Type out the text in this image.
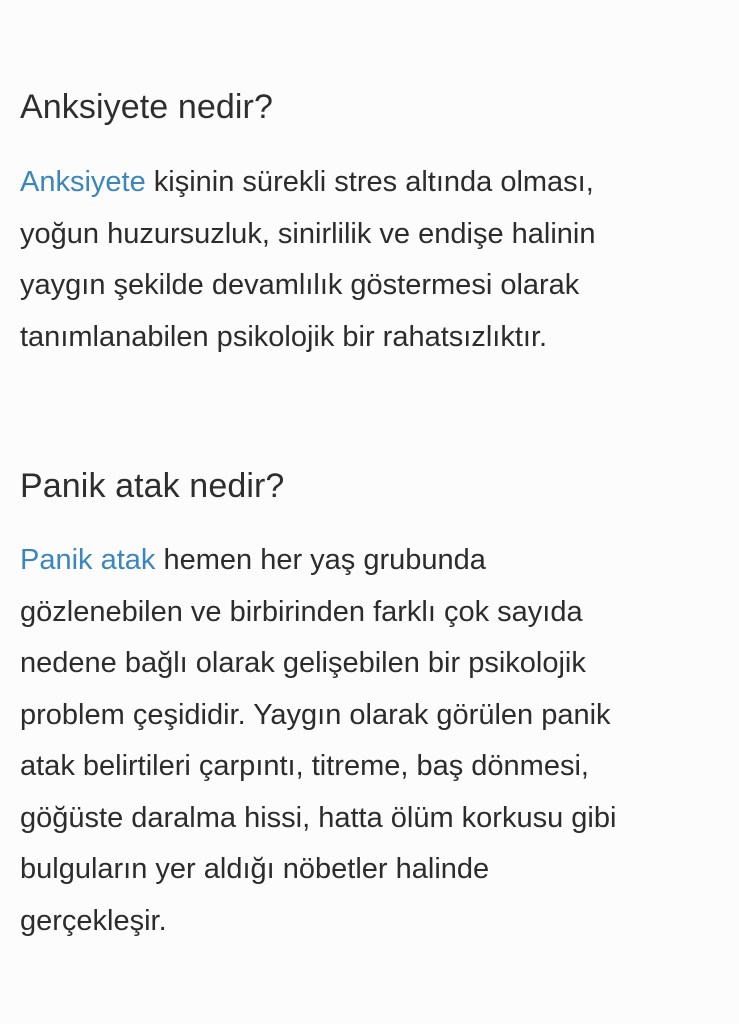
Anksiyete nedir?

Anksiyete kişinin sürekli stres altında olması,
yoğun huzursuzluk, sinirlilik ve endişe halinin
yaygın şekilde devamlılık göstermesi olarak
tanımlanabilen psikolojik bir rahatsızlıktır.

Panik atak nedir?

Panik atak hemen her yaş grubunda
gözlenebilen ve birbirinden farklı çok sayıda
nedene bağlı olarak gelişebilen bir psikolojik
problem çeşididir. Yaygın olarak görülen panik
atak belirtileri çarpıntı, titreme, baş dönmesi,
göğüste daralma hissi, hatta ölüm korkusu gibi
bulguların yer aldığı nöbetler halinde
gerçekleşir.
